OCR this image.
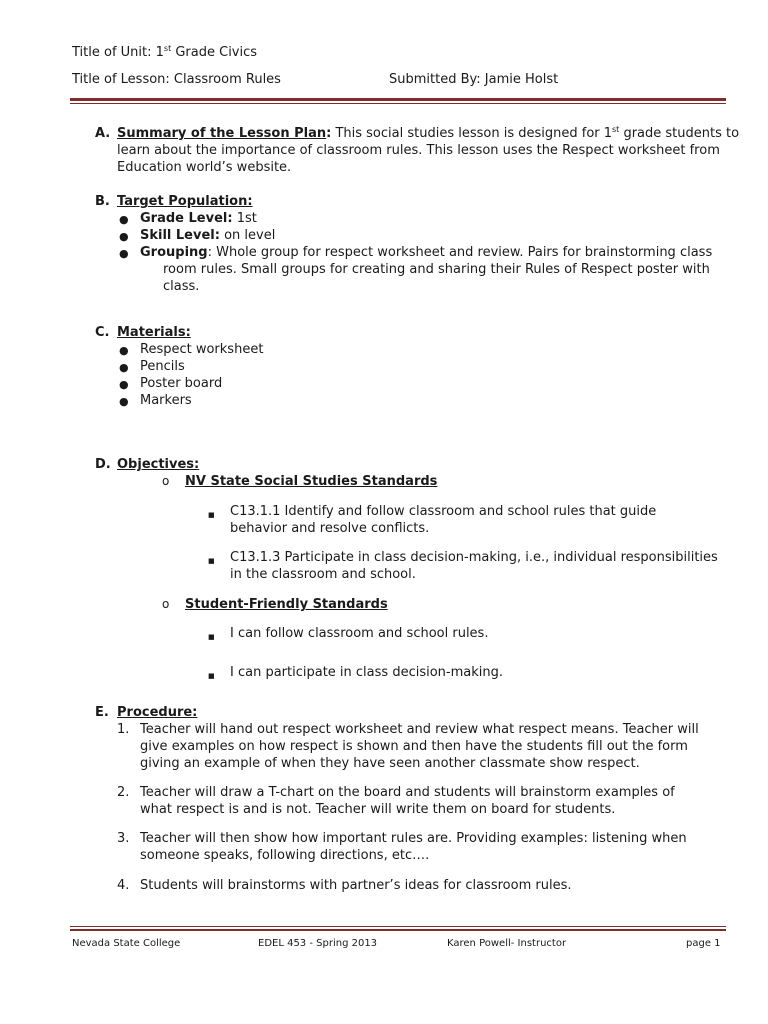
Title of Unit: 1st Grade Civics
Title of Lesson: Classroom Rules	Submitted By: Jamie Holst
A. Summary of the Lesson Plan: This social studies lesson is designed for 1st grade students to
learn about the importance of classroom rules. This lesson uses the Respect worksheet from
Education world’s website.
B. Target Population:
● Grade Level: 1st
● Skill Level: on level
● Grouping: Whole group for respect worksheet and review. Pairs for brainstorming class
room rules. Small groups for creating and sharing their Rules of Respect poster with
class.
C. Materials:
● Respect worksheet
● Pencils
● Poster board
● Markers
D. Objectives:
o NV State Social Studies Standards
■ C13.1.1 Identify and follow classroom and school rules that guide
behavior and resolve conflicts.
■ C13.1.3 Participate in class decision-making, i.e., individual responsibilities
in the classroom and school.
o Student-Friendly Standards
■ I can follow classroom and school rules.
■ I can participate in class decision-making.
E. Procedure:
1. Teacher will hand out respect worksheet and review what respect means. Teacher will
give examples on how respect is shown and then have the students fill out the form
giving an example of when they have seen another classmate show respect.
2. Teacher will draw a T-chart on the board and students will brainstorm examples of
what respect is and is not. Teacher will write them on board for students.
3. Teacher will then show how important rules are. Providing examples: listening when
someone speaks, following directions, etc….
4. Students will brainstorms with partner’s ideas for classroom rules.
Nevada State College	EDEL 453 - Spring 2013	Karen Powell- Instructor	page 1
